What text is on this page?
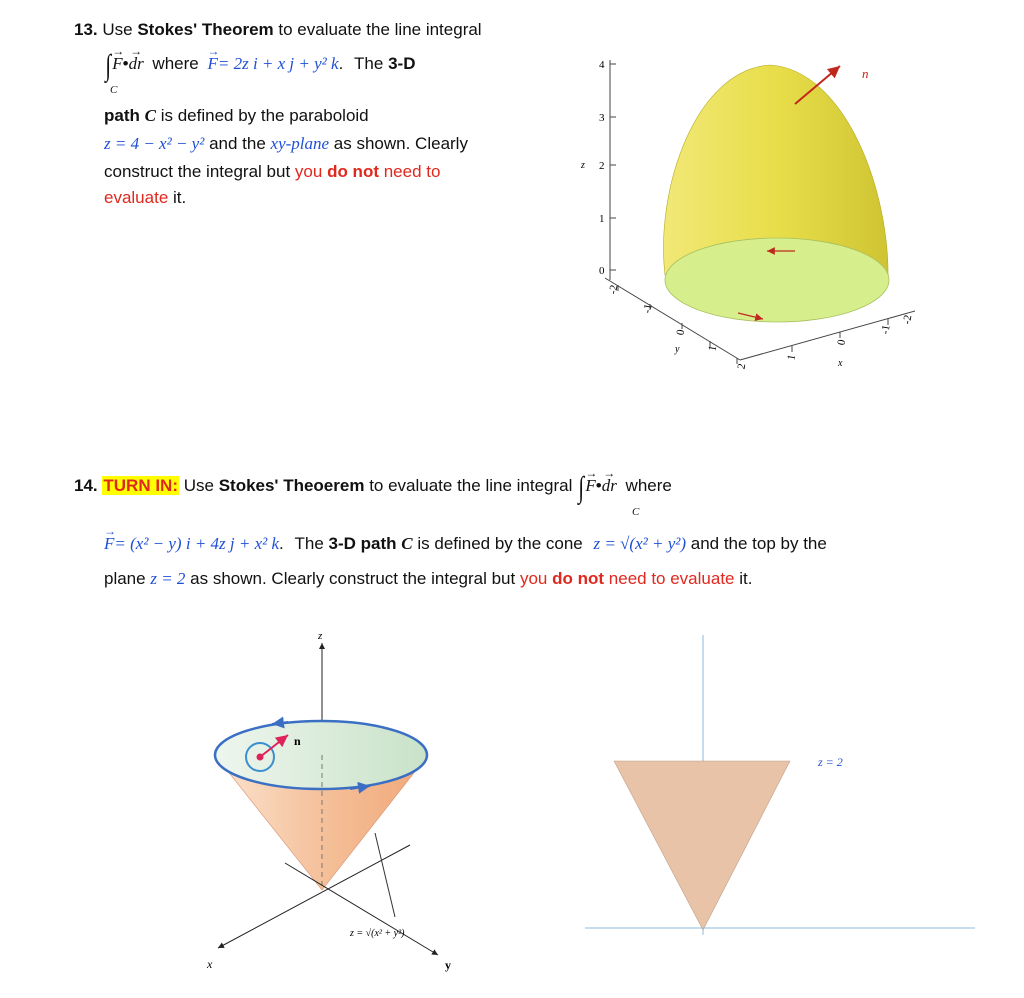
13. Use Stokes' Theorem to evaluate the line integral
∫→ F•→ dr where → F= 2z i + x j + y² k. The 3-D
C
path C is defined by the paraboloid
z = 4 − x² − y² and the xy-plane as shown. Clearly
construct the integral but you do not need to
evaluate it.
4
3
2
1
0
z
n
-2
-1
0
1
2
y
1
0
-1
-2
x
14. TURN IN: Use Stokes' Theoerem to evaluate the line integral ∫→ F•→ dr where
C
→ F= (x² − y) i + 4z j + x² k. The 3-D path C is defined by the cone z = √(x² + y²) and the top by the
plane z = 2 as shown. Clearly construct the integral but you do not need to evaluate it.
z
n
x	y
z = √(x² + y²)
z = 2
